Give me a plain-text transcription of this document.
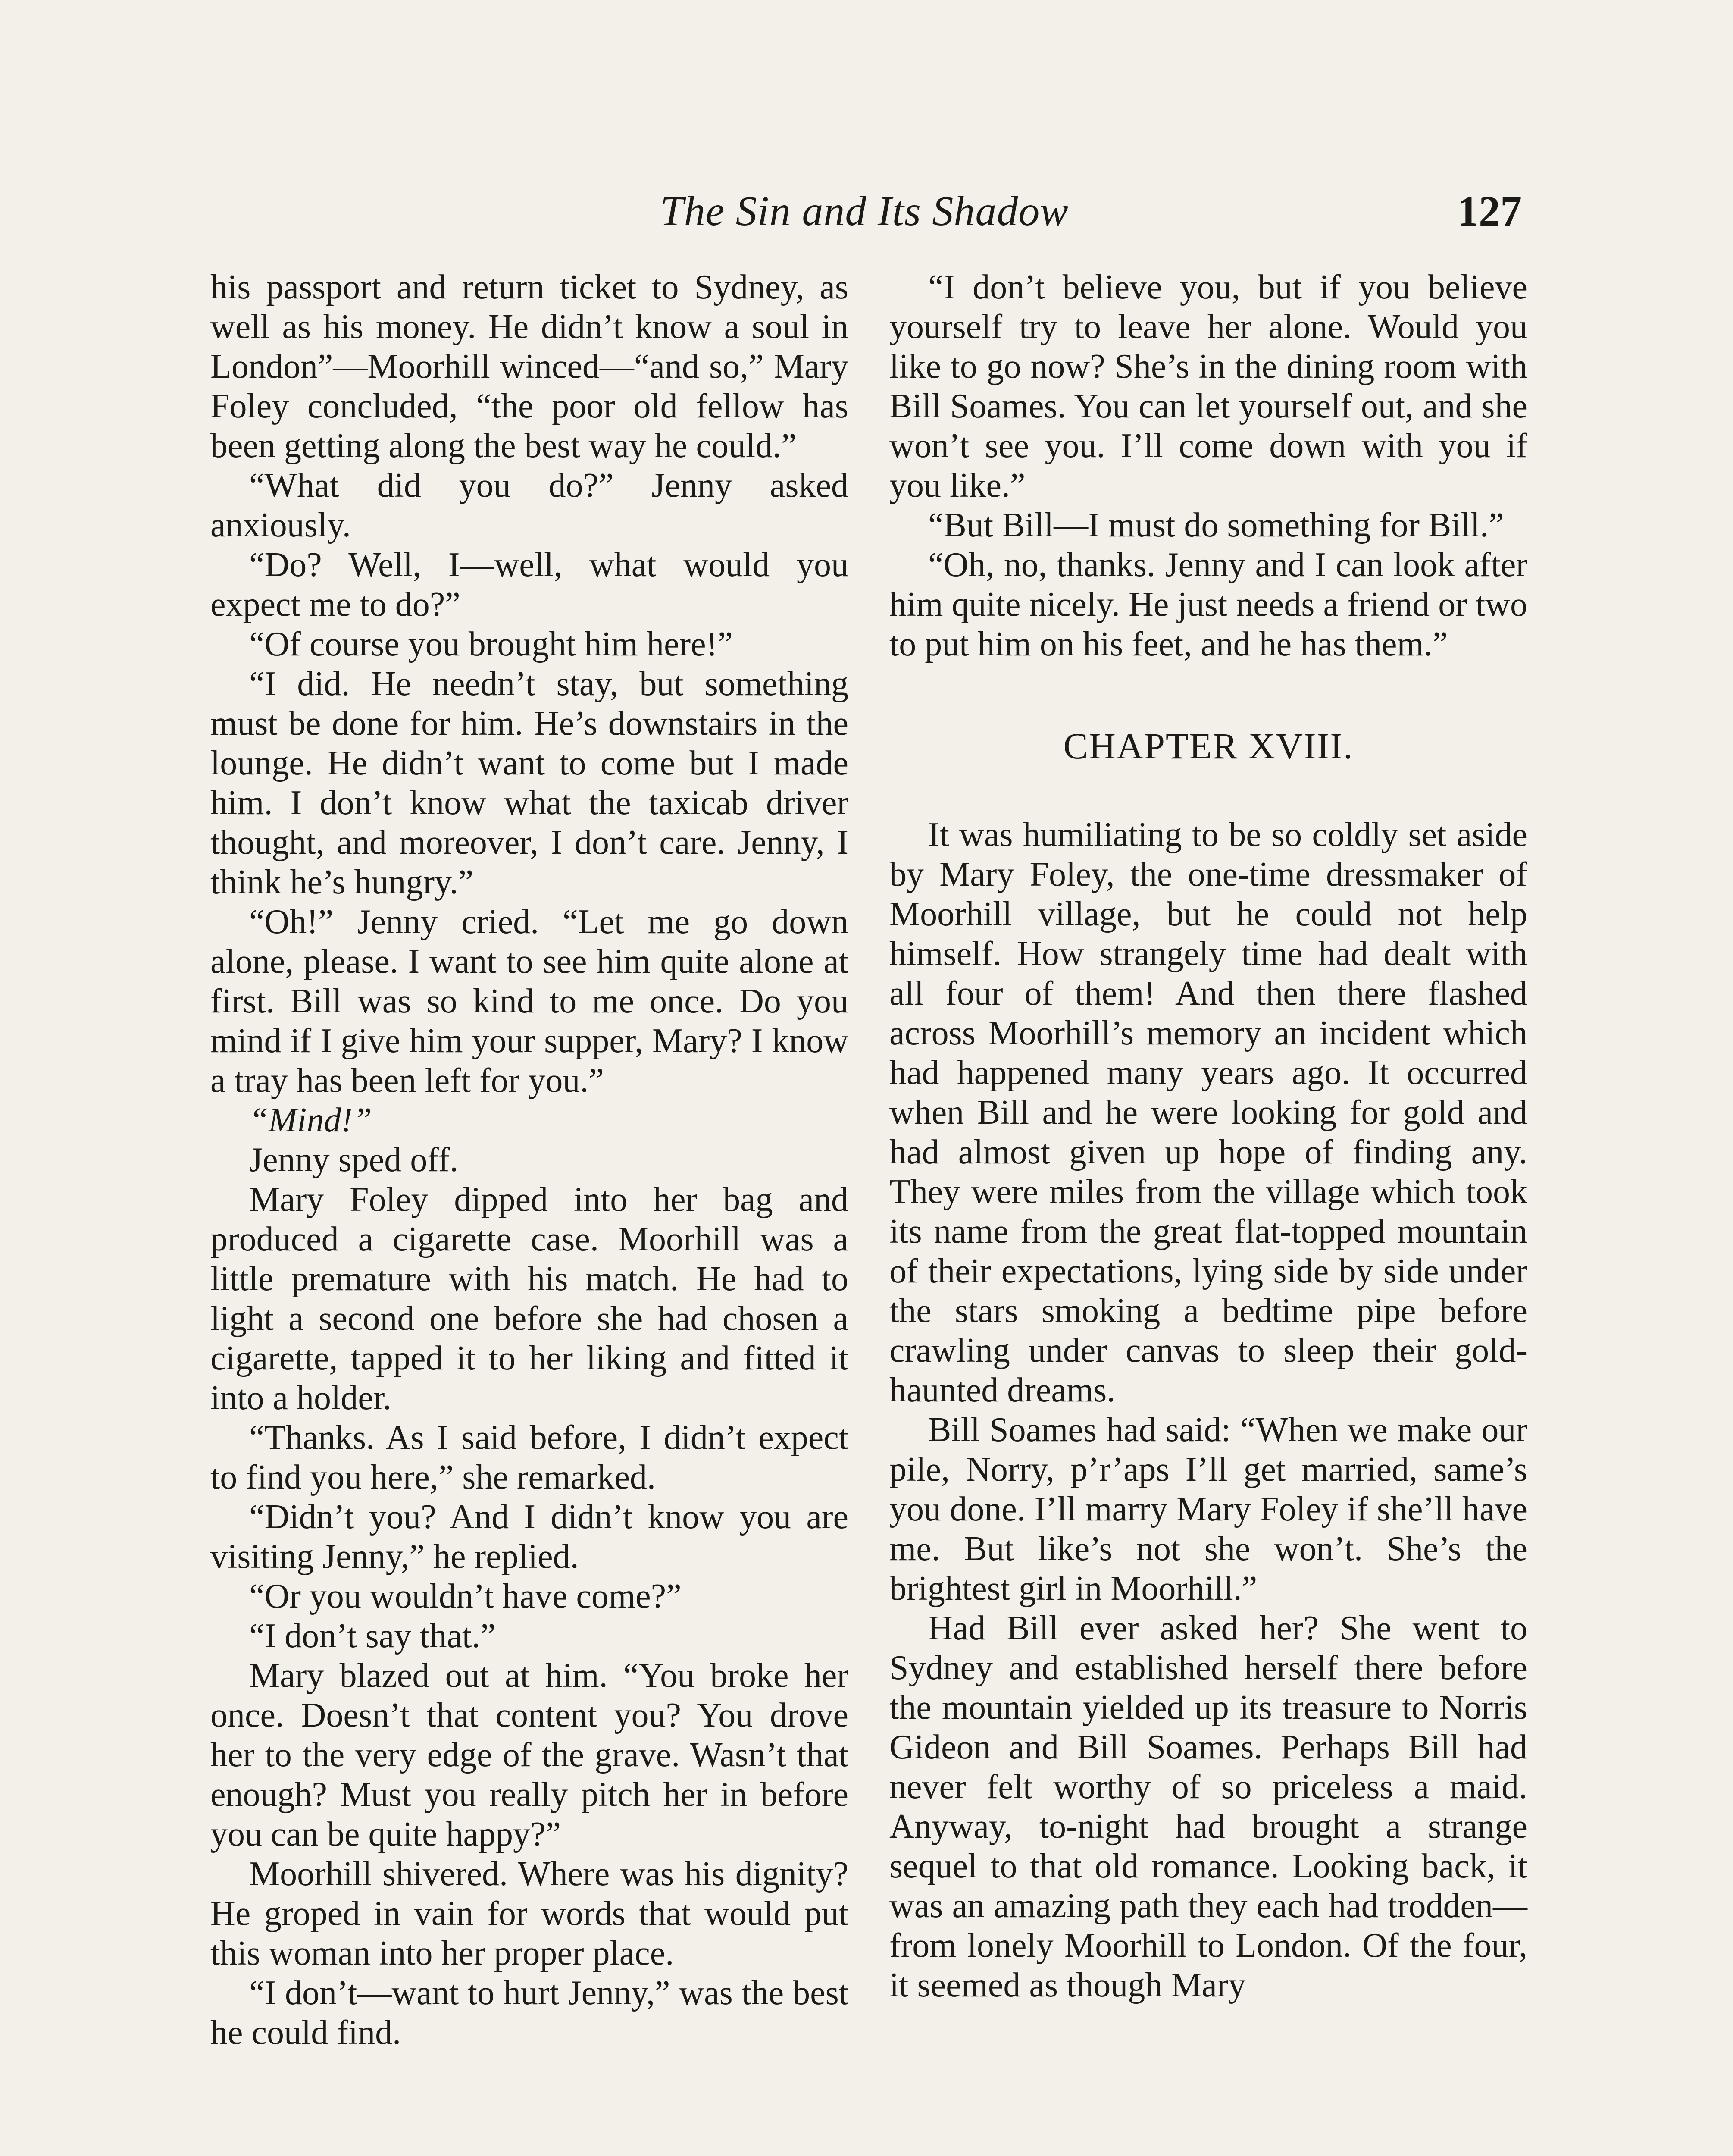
The Sin and Its Shadow	127

his passport and return ticket to Sydney, as well as his money. He didn’t know a soul in London”—Moorhill winced—“and so,” Mary Foley concluded, “the poor old fellow has been getting along the best way he could.”

“What did you do?” Jenny asked anxiously.

“Do? Well, I—well, what would you expect me to do?”

“Of course you brought him here!”

“I did. He needn’t stay, but something must be done for him. He’s downstairs in the lounge. He didn’t want to come but I made him. I don’t know what the taxicab driver thought, and moreover, I don’t care. Jenny, I think he’s hungry.”

“Oh!” Jenny cried. “Let me go down alone, please. I want to see him quite alone at first. Bill was so kind to me once. Do you mind if I give him your supper, Mary? I know a tray has been left for you.”

“Mind!”

Jenny sped off.

Mary Foley dipped into her bag and produced a cigarette case. Moorhill was a little premature with his match. He had to light a second one before she had chosen a cigarette, tapped it to her liking and fitted it into a holder.

“Thanks. As I said before, I didn’t expect to find you here,” she remarked.

“Didn’t you? And I didn’t know you are visiting Jenny,” he replied.

“Or you wouldn’t have come?”

“I don’t say that.”

Mary blazed out at him. “You broke her once. Doesn’t that content you? You drove her to the very edge of the grave. Wasn’t that enough? Must you really pitch her in before you can be quite happy?”

Moorhill shivered. Where was his dignity? He groped in vain for words that would put this woman into her proper place.

“I don’t—want to hurt Jenny,” was the best he could find.

“I don’t believe you, but if you believe yourself try to leave her alone. Would you like to go now? She’s in the dining room with Bill Soames. You can let yourself out, and she won’t see you. I’ll come down with you if you like.”

“But Bill—I must do something for Bill.”

“Oh, no, thanks. Jenny and I can look after him quite nicely. He just needs a friend or two to put him on his feet, and he has them.”

CHAPTER XVIII.

It was humiliating to be so coldly set aside by Mary Foley, the one-time dressmaker of Moorhill village, but he could not help himself. How strangely time had dealt with all four of them! And then there flashed across Moorhill’s memory an incident which had happened many years ago. It occurred when Bill and he were looking for gold and had almost given up hope of finding any. They were miles from the village which took its name from the great flat-topped mountain of their expectations, lying side by side under the stars smoking a bedtime pipe before crawling under canvas to sleep their gold-haunted dreams.

Bill Soames had said: “When we make our pile, Norry, p’r’aps I’ll get married, same’s you done. I’ll marry Mary Foley if she’ll have me. But like’s not she won’t. She’s the brightest girl in Moorhill.”

Had Bill ever asked her? She went to Sydney and established herself there before the mountain yielded up its treasure to Norris Gideon and Bill Soames. Perhaps Bill had never felt worthy of so priceless a maid. Anyway, to-night had brought a strange sequel to that old romance. Looking back, it was an amazing path they each had trodden—from lonely Moorhill to London. Of the four, it seemed as though Mary
